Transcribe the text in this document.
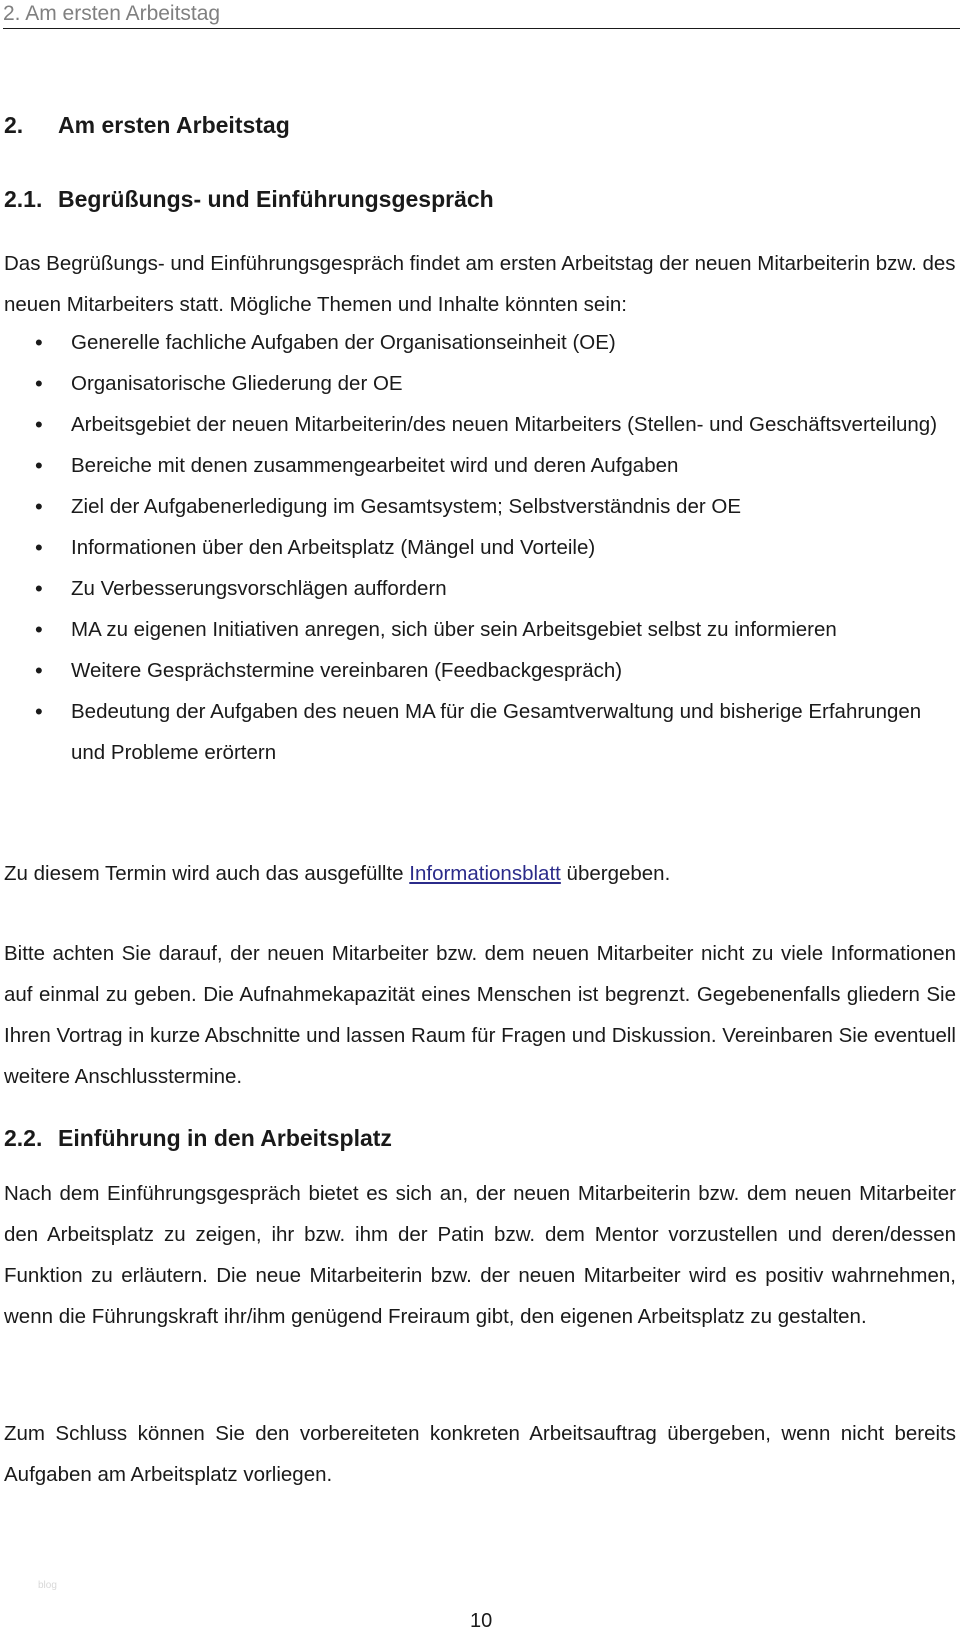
2. Am ersten Arbeitstag
2. Am ersten Arbeitstag
2.1. Begrüßungs- und Einführungsgespräch

Das Begrüßungs- und Einführungsgespräch findet am ersten Arbeitstag der neuen Mitarbeiterin bzw. des neuen Mitarbeiters statt. Mögliche Themen und Inhalte könnten sein:

• Generelle fachliche Aufgaben der Organisationseinheit (OE)
• Organisatorische Gliederung der OE
• Arbeitsgebiet der neuen Mitarbeiterin/des neuen Mitarbeiters (Stellen- und Geschäftsverteilung)
• Bereiche mit denen zusammengearbeitet wird und deren Aufgaben
• Ziel der Aufgabenerledigung im Gesamtsystem; Selbstverständnis der OE
• Informationen über den Arbeitsplatz (Mängel und Vorteile)
• Zu Verbesserungsvorschlägen auffordern
• MA zu eigenen Initiativen anregen, sich über sein Arbeitsgebiet selbst zu informieren
• Weitere Gesprächstermine vereinbaren (Feedbackgespräch)
• Bedeutung der Aufgaben des neuen MA für die Gesamtverwaltung und bisherige Erfahrungen und Probleme erörtern

Zu diesem Termin wird auch das ausgefüllte Informationsblatt übergeben.

Bitte achten Sie darauf, der neuen Mitarbeiter bzw. dem neuen Mitarbeiter nicht zu viele Informationen auf einmal zu geben. Die Aufnahmekapazität eines Menschen ist begrenzt. Gegebenenfalls gliedern Sie Ihren Vortrag in kurze Abschnitte und lassen Raum für Fragen und Diskussion. Vereinbaren Sie eventuell weitere Anschlusstermine.

2.2. Einführung in den Arbeitsplatz

Nach dem Einführungsgespräch bietet es sich an, der neuen Mitarbeiterin bzw. dem neuen Mitarbeiter den Arbeitsplatz zu zeigen, ihr bzw. ihm der Patin bzw. dem Mentor vorzustellen und deren/dessen Funktion zu erläutern. Die neue Mitarbeiterin bzw. der neuen Mitarbeiter wird es positiv wahrnehmen, wenn die Führungskraft ihr/ihm genügend Freiraum gibt, den eigenen Arbeitsplatz zu gestalten.

Zum Schluss können Sie den vorbereiteten konkreten Arbeitsauftrag übergeben, wenn nicht bereits Aufgaben am Arbeitsplatz vorliegen.

blog
10
